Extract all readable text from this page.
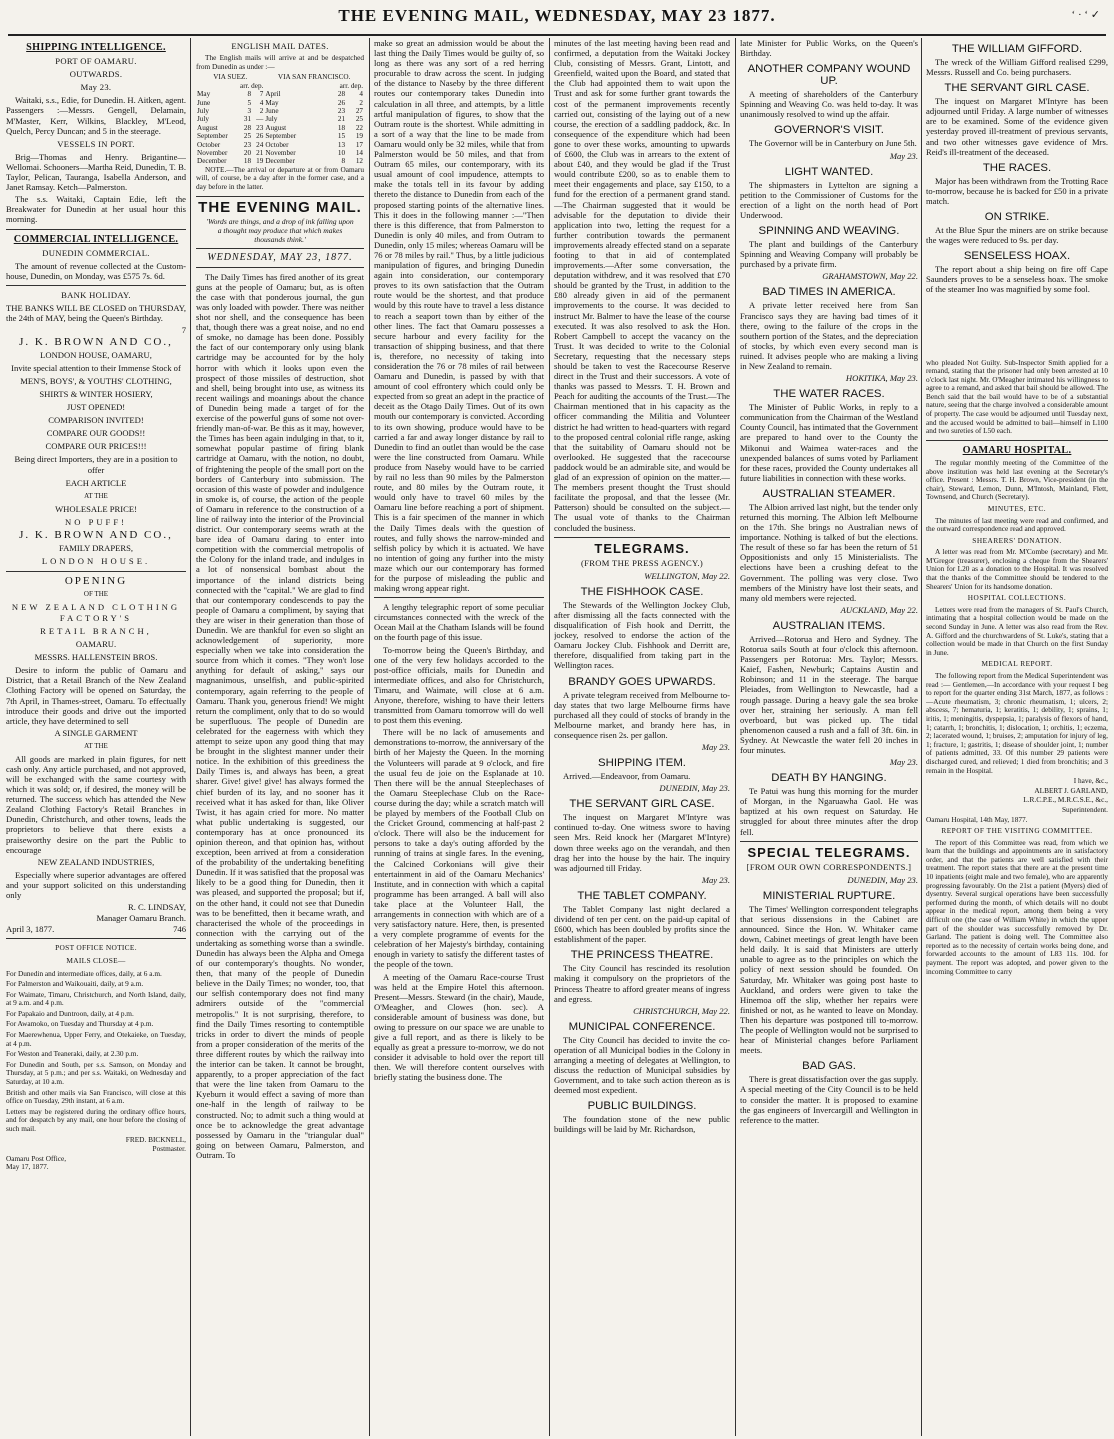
THE EVENING MAIL, WEDNESDAY, MAY 23 1877.	‘ · ‘ ✓
SHIPPING INTELLIGENCE.
PORT OF OAMARU.
OUTWARDS.
May 23.

Waitaki, s.s., Edie, for Dunedin. H. Aitken, agent. Passengers :—Messrs. Gengell, Delamain, M'Master, Kerr, Wilkins, Blackley, M'Leod, Quelch, Percy Duncan; and 5 in the steerage.

VESSELS IN PORT.

Brig—Thomas and Henry. Brigantine—Wellomai. Schooners—Martha Reid, Dunedin, T. B. Taylor, Pelican, Tauranga, Isabella Anderson, and Janet Ramsay. Ketch—Palmerston.

The s.s. Waitaki, Captain Edie, left the Breakwater for Dunedin at her usual hour this morning.

COMMERCIAL INTELLIGENCE.
DUNEDIN COMMERCIAL.

The amount of revenue collected at the Custom-house, Dunedin, on Monday, was £575 7s. 6d.

BANK HOLIDAY.

THE BANKS WILL BE CLOSED on THURSDAY, the 24th of MAY, being the Queen's Birthday.

7
J. K. BROWN AND CO.,
LONDON HOUSE, OAMARU,
Invite special attention to their Immense Stock of
MEN'S, BOYS', & YOUTHS' CLOTHING,
SHIRTS & WINTER HOSIERY,
JUST OPENED!
COMPARISON INVITED!
COMPARE OUR GOODS!!
COMPARE OUR PRICES!!!
Being direct Importers, they are in a position to offer
EACH ARTICLE
AT THE
WHOLESALE PRICE!
NO PUFF!
J. K. BROWN AND CO.,
FAMILY DRAPERS,
LONDON HOUSE.
OPENING
OF THE
NEW ZEALAND CLOTHING FACTORY'S
RETAIL BRANCH,
OAMARU.
MESSRS. HALLENSTEIN BROS.

Desire to inform the public of Oamaru and District, that a Retail Branch of the New Zealand Clothing Factory will be opened on Saturday, the 7th April, in Thames-street, Oamaru. To effectually introduce their goods and drive out the imported article, they have determined to sell

A SINGLE GARMENT
AT THE

All goods are marked in plain figures, for nett cash only. Any article purchased, and not approved, will be exchanged with the same courtesy with which it was sold; or, if desired, the money will be returned. The success which has attended the New Zealand Clothing Factory's Retail Branches in Dunedin, Christchurch, and other towns, leads the proprietors to believe that there exists a praiseworthy desire on the part the Public to encourage

NEW ZEALAND INDUSTRIES,

Especially where superior advantages are offered and your support solicited on this understanding only

R. C. LINDSAY,
Manager Oamaru Branch.
April 3, 1877.	746
POST OFFICE NOTICE.
MAILS CLOSE—

For Dunedin and intermediate offices, daily, at 6 a.m.

For Palmerston and Waikouaiti, daily, at 9 a.m.

For Waimate, Timaru, Christchurch, and North Island, daily, at 9 a.m. and 4 p.m.

For Papakaio and Duntroon, daily, at 4 p.m.

For Awamoko, on Tuesday and Thursday at 4 p.m.

For Maerewhenua, Upper Ferry, and Otekaieke, on Tuesday, at 4 p.m.

For Weston and Teaneraki, daily, at 2.30 p.m.

For Dunedin and South, per s.s. Samson, on Monday and Thursday, at 5 p.m.; and per s.s. Waitaki, on Wednesday and Saturday, at 10 a.m.

British and other mails via San Francisco, will close at this office on Tuesday, 29th instant, at 6 a.m.

Letters may be registered during the ordinary office hours, and for despatch by any mail, one hour before the closing of such mail.

FRED. BICKNELL,
Postmaster.
Oamaru Post Office,
May 17, 1877.
ENGLISH MAIL DATES.

The English mails will arrive at and be despatched from Dunedin as under :—

VIA SUEZ.			VIA SAN FRANCISCO.		
arr. dep.			arr. dep.		
May	8	7	April	28	4
June	5	4	May	26	2
July	3	2	June	23	27
July	31	—	July	21	25
August	28	23	August	18	22
September	25	26	September	15	19
October	23	24	October	13	17
November	20	21	November	10	14
December	18	19	December	8	12

NOTE.—The arrival or departure at or from Oamaru will, of course, be a day after in the former case, and a day before in the latter.

THE EVENING MAIL.
'Words are things, and a drop of ink falling upon a thought may produce that which makes thousands think.'
WEDNESDAY, MAY 23, 1877.

The Daily Times has fired another of its great guns at the people of Oamaru; but, as is often the case with that ponderous journal, the gun was only loaded with powder. There was neither shot nor shell, and the consequence has been that, though there was a great noise, and no end of smoke, no damage has been done. Possibly the fact of our contemporary only using blank cartridge may be accounted for by the holy horror with which it looks upon even the prospect of those missiles of destruction, shot and shell, being brought into use, as witness its recent wailings and moanings about the chance of Dunedin being made a target of for the exercise of the powerful guns of some not over-friendly man-of-war. Be this as it may, however, the Times has been again indulging in that, to it, somewhat popular pastime of firing blank cartridge at Oamaru, with the notion, no doubt, of frightening the people of the small port on the borders of Canterbury into submission. The occasion of this waste of powder and indulgence in smoke is, of course, the action of the people of Oamaru in reference to the construction of a line of railway into the interior of the Provincial district. Our contemporary seems wrath at the bare idea of Oamaru daring to enter into competition with the commercial metropolis of the Colony for the inland trade, and indulges in a lot of nonsensical bombast about the importance of the inland districts being connected with the "capital." We are glad to find that our contemporary condescends to pay the people of Oamaru a compliment, by saying that they are wiser in their generation than those of Dunedin. We are thankful for even so slight an acknowledgement of superiority, more especially when we take into consideration the source from which it comes. "They won't lose anything for default of asking," says our magnanimous, unselfish, and public-spirited contemporary, again referring to the people of Oamaru. Thank you, generous friend! We might return the compliment, only that to do so would be superfluous. The people of Dunedin are celebrated for the eagerness with which they attempt to seize upon any good thing that may be brought in the slightest manner under their notice. In the exhibition of this greediness the Daily Times is, and always has been, a great sharer. Give! give! give! has always formed the chief burden of its lay, and no sooner has it received what it has asked for than, like Oliver Twist, it has again cried for more. No matter what public undertaking is suggested, our contemporary has at once pronounced its opinion thereon, and that opinion has, without exception, been arrived at from a consideration of the probability of the undertaking benefiting Dunedin. If it was satisfied that the proposal was likely to be a good thing for Dunedin, then it was pleased, and supported the proposal; but if, on the other hand, it could not see that Dunedin was to be benefitted, then it became wrath, and characterised the whole of the proceedings in connection with the carrying out of the undertaking as something worse than a swindle. Dunedin has always been the Alpha and Omega of our contemporary's thoughts. No wonder, then, that many of the people of Dunedin believe in the Daily Times; no wonder, too, that our selfish contemporary does not find many admirers outside of the "commercial metropolis." It is not surprising, therefore, to find the Daily Times resorting to contemptible tricks in order to divert the minds of people from a proper consideration of the merits of the three different routes by which the railway into the interior can be taken. It cannot be brought, apparently, to a proper appreciation of the fact that were the line taken from Oamaru to the Kyeburn it would effect a saving of more than one-half in the length of railway to be constructed. No; to admit such a thing would at once be to acknowledge the great advantage possessed by Oamaru in the "triangular dual" going on between Oamaru, Palmerston, and Outram. To

make so great an admission would be about the last thing the Daily Times would be guilty of, so long as there was any sort of a red herring procurable to draw across the scent. In judging of the distance to Naseby by the three different routes our contemporary takes Dunedin into calculation in all three, and attempts, by a little artful manipulation of figures, to show that the Outram route is the shortest. While admitting in a sort of a way that the line to be made from Oamaru would only be 32 miles, while that from Palmerston would be 50 miles, and that from Outram 65 miles, our contemporary, with its usual amount of cool impudence, attempts to make the totals tell in its favour by adding thereto the distance to Dunedin from each of the proposed starting points of the alternative lines. This it does in the following manner :—"Then there is this difference, that from Palmerston to Dunedin is only 40 miles, and from Outram to Dunedin, only 15 miles; whereas Oamaru will be 76 or 78 miles by rail." Thus, by a little judicious manipulation of figures, and bringing Dunedin again into consideration, our contemporary proves to its own satisfaction that the Outram route would be the shortest, and that produce would by this route have to travel a less distance to reach a seaport town than by either of the other lines. The fact that Oamaru possesses a secure harbour and every facility for the transaction of shipping business, and that there is, therefore, no necessity of taking into consideration the 76 or 78 miles of rail between Oamaru and Dunedin, is passed by with that amount of cool effrontery which could only be expected from so great an adept in the practice of deceit as the Otago Daily Times. Out of its own mouth our contemporary is convicted. According to its own showing, produce would have to be carried a far and away longer distance by rail to Dunedin to find an outlet than would be the case were the line constructed from Oamaru. While produce from Naseby would have to be carried by rail no less than 90 miles by the Palmerston route, and 80 miles by the Outram route, it would only have to travel 60 miles by the Oamaru line before reaching a port of shipment. This is a fair specimen of the manner in which the Daily Times deals with the question of routes, and fully shows the narrow-minded and selfish policy by which it is actuated. We have no intention of going any further into the misty maze which our our contemporary has formed for the purpose of misleading the public and making wrong appear right.

A lengthy telegraphic report of some peculiar circumstances connected with the wreck of the Ocean Mail at the Chatham Islands will be found on the fourth page of this issue.

To-morrow being the Queen's Birthday, and one of the very few holidays accorded to the post-office officials, mails for Dunedin and intermediate offices, and also for Christchurch, Timaru, and Waimate, will close at 6 a.m. Anyone, therefore, wishing to have their letters transmitted from Oamaru tomorrow will do well to post them this evening.

There will be no lack of amusements and demonstrations to-morrow, the anniversary of the birth of her Majesty the Queen. In the morning the Volunteers will parade at 9 o'clock, and fire the usual feu de joie on the Esplanade at 10. Then there will be the annual Steeplechases of the Oamaru Steeplechase Club on the Race-course during the day; while a scratch match will be played by members of the Football Club on the Cricket Ground, commencing at half-past 2 o'clock. There will also be the inducement for persons to take a day's outing afforded by the running of trains at single fares. In the evening, the Calcined Corkonians will give their entertainment in aid of the Oamaru Mechanics' Institute, and in connection with which a capital programme has been arranged. A ball will also take place at the Volunteer Hall, the arrangements in connection with which are of a very satisfactory nature. Here, then, is presented a very complete programme of events for the celebration of her Majesty's birthday, containing enough in variety to satisfy the different tastes of the people of the town.

A meeting of the Oamaru Race-course Trust was held at the Empire Hotel this afternoon. Present—Messrs. Steward (in the chair), Maude, O'Meagher, and Clowes (hon. sec). A considerable amount of business was done, but owing to pressure on our space we are unable to give a full report, and as there is likely to be equally as great a pressure to-morrow, we do not consider it advisable to hold over the report till then. We will therefore content ourselves with briefly stating the business done. The

minutes of the last meeting having been read and confirmed, a deputation from the Waitaki Jockey Club, consisting of Messrs. Grant, Lintott, and Greenfield, waited upon the Board, and stated that the Club had appointed them to wait upon the Trust and ask for some further grant towards the cost of the permanent improvements recently carried out, consisting of the laying out of a new course, the erection of a saddling paddock, &c. In consequence of the expenditure which had been gone to over these works, amounting to upwards of £600, the Club was in arrears to the extent of about £40, and they would be glad if the Trust would contribute £200, so as to enable them to meet their engagements and place, say £150, to a fund for the erection of a permanent grand stand.—The Chairman suggested that it would be advisable for the deputation to divide their application into two, letting the request for a further contribution towards the permanent improvements already effected stand on a separate footing to that in aid of contemplated improvements.—After some conversation, the deputation withdrew, and it was resolved that £70 should be granted by the Trust, in addition to the £80 already given in aid of the permanent improvements to the course. It was decided to instruct Mr. Balmer to have the lease of the course executed. It was also resolved to ask the Hon. Robert Campbell to accept the vacancy on the Trust. It was decided to write to the Colonial Secretary, requesting that the necessary steps should be taken to vest the Racecourse Reserve direct in the Trust and their successors. A vote of thanks was passed to Messrs. T. H. Brown and Peach for auditing the accounts of the Trust.—The Chairman mentioned that in his capacity as the officer commanding the Militia and Volunteer district he had written to head-quarters with regard to the proposed central colonial rifle range, asking that the suitability of Oamaru should not be overlooked. He suggested that the racecourse paddock would be an admirable site, and would be glad of an expression of opinion on the matter.—The members present thought the Trust should facilitate the proposal, and that the lessee (Mr. Patterson) should be consulted on the subject.—The usual vote of thanks to the Chairman concluded the business.

TELEGRAMS.
(FROM THE PRESS AGENCY.)
WELLINGTON, May 22.
THE FISHHOOK CASE.

The Stewards of the Wellington Jockey Club, after dismissing all the facts connected with the disqualification of Fish hook and Derritt, the jockey, resolved to endorse the action of the Oamaru Jockey Club. Fishhook and Derritt are, therefore, disqualified from taking part in the Wellington races.

BRANDY GOES UPWARDS.

A private telegram received from Melbourne to-day states that two large Melbourne firms have purchased all they could of stocks of brandy in the Melbourne market, and brandy here has, in consequence risen 2s. per gallon.

May 23.
SHIPPING ITEM.

Arrived.—Endeavoor, from Oamaru.

DUNEDIN, May 23.
THE SERVANT GIRL CASE.

The inquest on Margaret M'Intyre was continued to-day. One witness swore to having seen Mrs. Reid knock her (Margaret M'Intyre) down three weeks ago on the verandah, and then drag her into the house by the hair. The inquiry was adjourned till Friday.

May 23.
THE TABLET COMPANY.

The Tablet Company last night declared a dividend of ten per cent. on the paid-up capital of £600, which has been doubled by profits since the establishment of the paper.

THE PRINCESS THEATRE.

The City Council has rescinded its resolution making it compulsory on the proprietors of the Princess Theatre to afford greater means of ingress and egress.

CHRISTCHURCH, May 22.
MUNICIPAL CONFERENCE.

The City Council has decided to invite the co-operation of all Municipal bodies in the Colony in arranging a meeting of delegates at Wellington, to discuss the reduction of Municipal subsidies by Government, and to take such action thereon as is deemed most expedient.

PUBLIC BUILDINGS.

The foundation stone of the new public buildings will be laid by Mr. Richardson,

late Minister for Public Works, on the Queen's Birthday.

ANOTHER COMPANY WOUND UP.

A meeting of shareholders of the Canterbury Spinning and Weaving Co. was held to-day. It was unanimously resolved to wind up the affair.

GOVERNOR'S VISIT.

The Governor will be in Canterbury on June 5th.

May 23.
LIGHT WANTED.

The shipmasters in Lyttelton are signing a petition to the Commissioner of Customs for the erection of a light on the north head of Port Underwood.

SPINNING AND WEAVING.

The plant and buildings of the Canterbury Spinning and Weaving Company will probably be purchased by a private firm.

GRAHAMSTOWN, May 22.
BAD TIMES IN AMERICA.

A private letter received here from San Francisco says they are having bad times of it there, owing to the failure of the crops in the southern portion of the States, and the depreciation of stocks, by which even every second man is ruined. It advises people who are making a living in New Zealand to remain.

HOKITIKA, May 23.
THE WATER RACES.

The Minister of Public Works, in reply to a communication from the Chairman of the Westland County Council, has intimated that the Government are prepared to hand over to the County the Mikonui and Waimea water-races and the unexpended balances of sums voted by Parliament for these races, provided the County undertakes all future liabilities in connection with these works.

AUSTRALIAN STEAMER.

The Albion arrived last night, but the tender only returned this morning. The Albion left Melbourne on the 17th. She brings no Australian news of importance. Nothing is talked of but the elections. The result of these so far has been the return of 51 Oppositionists and only 15 Ministerialists. The elections have been a crushing defeat to the Government. The polling was very close. Two members of the Ministry have lost their seats, and many old members were rejected.

AUCKLAND, May 22.
AUSTRALIAN ITEMS.

Arrived—Rotorua and Hero and Sydney. The Rotorua sails South at four o'clock this afternoon. Passengers per Rotorua: Mrs. Taylor; Messrs. Kaief, Fashen, Newburk; Captains Austin and Robinson; and 11 in the steerage. The barque Pleiades, from Wellington to Newcastle, had a rough passage. During a heavy gale the sea broke over her, straining her seriously. A man fell overboard, but was picked up. The tidal phenomenon caused a rush and a fall of 3ft. 6in. in Sydney. At Newcastle the water fell 20 inches in four minutes.

May 23.
DEATH BY HANGING.

Te Patui was hung this morning for the murder of Morgan, in the Ngaruawha Gaol. He was baptized at his own request on Saturday. He struggled for about three minutes after the drop fell.

SPECIAL TELEGRAMS.
[FROM OUR OWN CORRESPONDENTS.]
DUNEDIN, May 23.
MINISTERIAL RUPTURE.

The Times' Wellington correspondent telegraphs that serious dissensions in the Cabinet are announced. Since the Hon. W. Whitaker came down, Cabinet meetings of great length have been held daily. It is said that Ministers are utterly unable to agree as to the principles on which the policy of next session should be founded. On Saturday, Mr. Whitaker was going post haste to Auckland, and orders were given to take the Hinemoa off the slip, whether her repairs were finished or not, as he wanted to leave on Monday. Then his departure was postponed till to-morrow. The people of Wellington would not be surprised to hear of Ministerial changes before Parliament meets.

BAD GAS.

There is great dissatisfaction over the gas supply. A special meeting of the City Council is to be held to consider the matter. It is proposed to examine the gas engineers of Invercargill and Wellington in reference to the matter.

THE WILLIAM GIFFORD.

The wreck of the William Gifford realised £299, Messrs. Russell and Co. being purchasers.

THE SERVANT GIRL CASE.

The inquest on Margaret M'Intyre has been adjourned until Friday. A large number of witnesses are to be examined. Some of the evidence given yesterday proved ill-treatment of previous servants, and two other witnesses gave evidence of Mrs. Reid's ill-treatment of the deceased.

THE RACES.

Major has been withdrawn from the Trotting Race to-morrow, because he is backed for £50 in a private match.

ON STRIKE.

At the Blue Spur the miners are on strike because the wages were reduced to 9s. per day.

SENSELESS HOAX.

The report about a ship being on fire off Cape Saunders proves to be a senseless hoax. The smoke of the steamer Ino was magnified by some fool.

who pleaded Not Guilty. Sub-Inspector Smith applied for a remand, stating that the prisoner had only been arrested at 10 o'clock last night. Mr. O'Meagher intimated his willingness to agree to a remand, and asked that bail should be allowed. The Bench said that the bail would have to be of a substantial nature, seeing that the charge involved a considerable amount of property. The case would be adjourned until Tuesday next, and the accused would be admitted to bail—himself in L100 and two sureties of L50 each.

OAMARU HOSPITAL.

The regular monthly meeting of the Committee of the above institution was held last evening at the Secretary's office. Present : Messrs. T. H. Brown, Vice-president (in the chair), Steward, Lemon, Dunn, M'Intosh, Mainland, Flett, Townsend, and Church (Secretary).

MINUTES, ETC.

The minutes of last meeting were read and confirmed, and the outward correspondence read and approved.

SHEARERS' DONATION.

A letter was read from Mr. M'Combe (secretary) and Mr. M'Gregor (treasurer), enclosing a cheque from the Shearers' Union for L20 as a donation to the Hospital. It was resolved that the thanks of the Committee should be tendered to the Shearers' Union for its handsome donation.

HOSPITAL COLLECTIONS.

Letters were read from the managers of St. Paul's Church, intimating that a hospital collection would be made on the second Sunday in June. A letter was also read from the Rev. A. Gifford and the churchwardens of St. Luke's, stating that a collection would be made in that Church on the first Sunday in June.

MEDICAL REPORT.

The following report from the Medical Superintendent was read :— Gentlemen,—In accordance with your request I beg to report for the quarter ending 31st March, 1877, as follows :—Acute rheumatism, 3; chronic rheumatism, 1; ulcers, 2; abscess, 7; hematuria, 1; keratitis, 1; debility, 1; sprains, 1; iritis, 1; meningitis, dyspepsia, 1; paralysis of flexors of hand, 1; catarrh, 1; bronchitis, 1; dislocation, 1; orchitis, 1; eczema, 2; lacerated wound, 1; bruises, 2; amputation for injury of leg, 1; fracture, 1; gastritis, 1; disease of shoulder joint, 1; number of patients admitted, 33. Of this number 29 patients were discharged cured, and relieved; 1 died from bronchitis; and 3 remain in the Hospital.

I have, &c.,
ALBERT J. GARLAND,
L.R.C.P.E., M.R.C.S.E., &c.,
Superintendent.
Oamaru Hospital, 14th May, 1877.
REPORT OF THE VISITING COMMITTEE.

The report of this Committee was read, from which we learn that the buildings and appointments are in satisfactory order, and that the patients are well satisfied with their treatment. The report states that there are at the present time 10 inpatients (eight male and two female), who are apparently progressing favourably. On the 21st a patient (Myers) died of dysentry. Several surgical operations have been successfully performed during the month, of which details will no doubt appear in the medical report, among them being a very difficult one (the case of William White) in which the upper part of the shoulder was successfully removed by Dr. Garland. The patient is doing well. The Committee also reported as to the necessity of certain works being done, and forwarded accounts to the amount of L83 11s. 10d. for payment. The report was adopted, and power given to the incoming Committee to carry
